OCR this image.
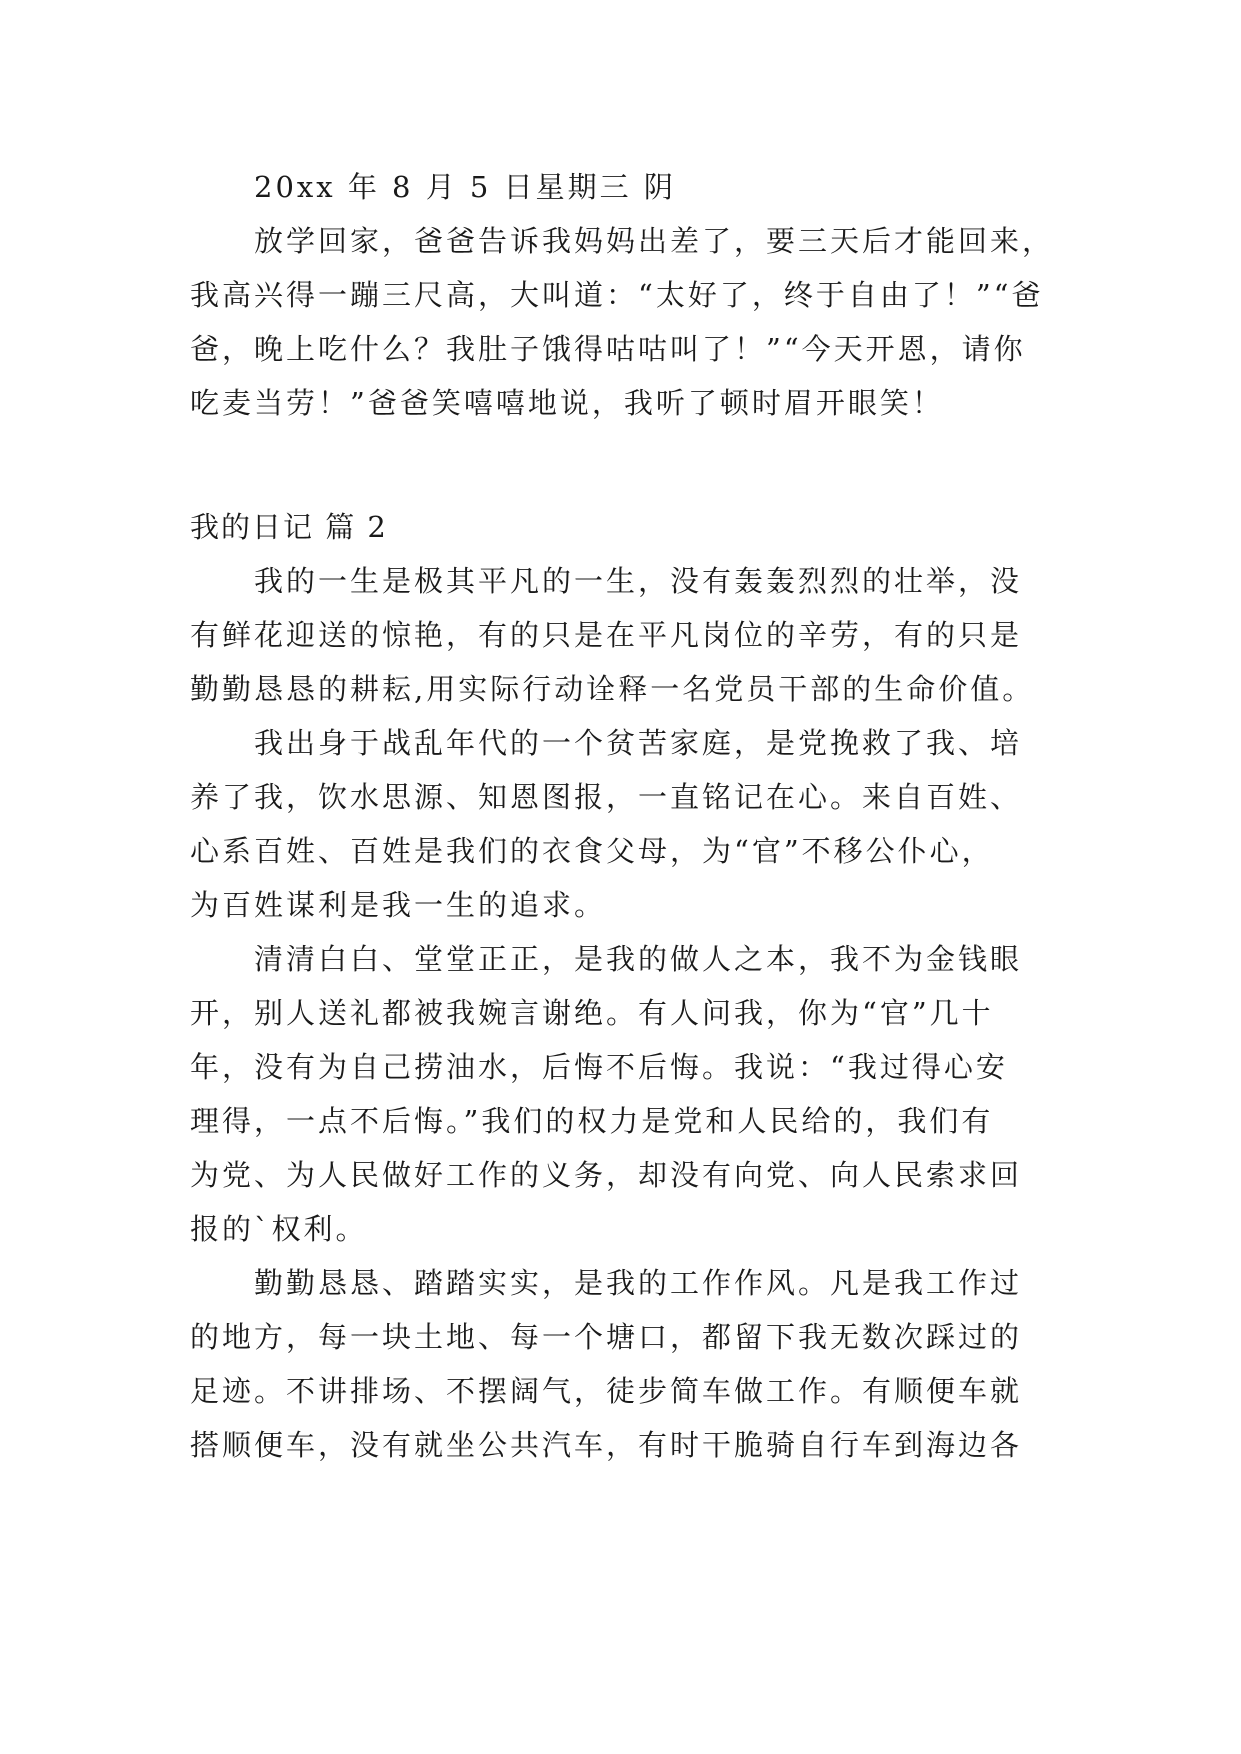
20xx 年 8 月 5 日星期三 阴

放学回家，爸爸告诉我妈妈出差了，要三天后才能回来，

我高兴得一蹦三尺高，大叫道：“太好了，终于自由了！”“爸

爸，晚上吃什么？我肚子饿得咕咕叫了！”“今天开恩，请你

吃麦当劳！”爸爸笑嘻嘻地说，我听了顿时眉开眼笑！

我的日记 篇 2

我的一生是极其平凡的一生，没有轰轰烈烈的壮举，没

有鲜花迎送的惊艳，有的只是在平凡岗位的辛劳，有的只是

勤勤恳恳的耕耘,用实际行动诠释一名党员干部的生命价值。

我出身于战乱年代的一个贫苦家庭，是党挽救了我、培

养了我，饮水思源、知恩图报，一直铭记在心。来自百姓、

心系百姓、百姓是我们的衣食父母，为“官”不移公仆心，

为百姓谋利是我一生的追求。

清清白白、堂堂正正，是我的做人之本，我不为金钱眼

开，别人送礼都被我婉言谢绝。有人问我，你为“官”几十

年，没有为自己捞油水，后悔不后悔。我说：“我过得心安

理得，一点不后悔。”我们的权力是党和人民给的，我们有

为党、为人民做好工作的义务，却没有向党、向人民索求回

报的`权利。

勤勤恳恳、踏踏实实，是我的工作作风。凡是我工作过

的地方，每一块土地、每一个塘口，都留下我无数次踩过的

足迹。不讲排场、不摆阔气，徒步简车做工作。有顺便车就

搭顺便车，没有就坐公共汽车，有时干脆骑自行车到海边各
